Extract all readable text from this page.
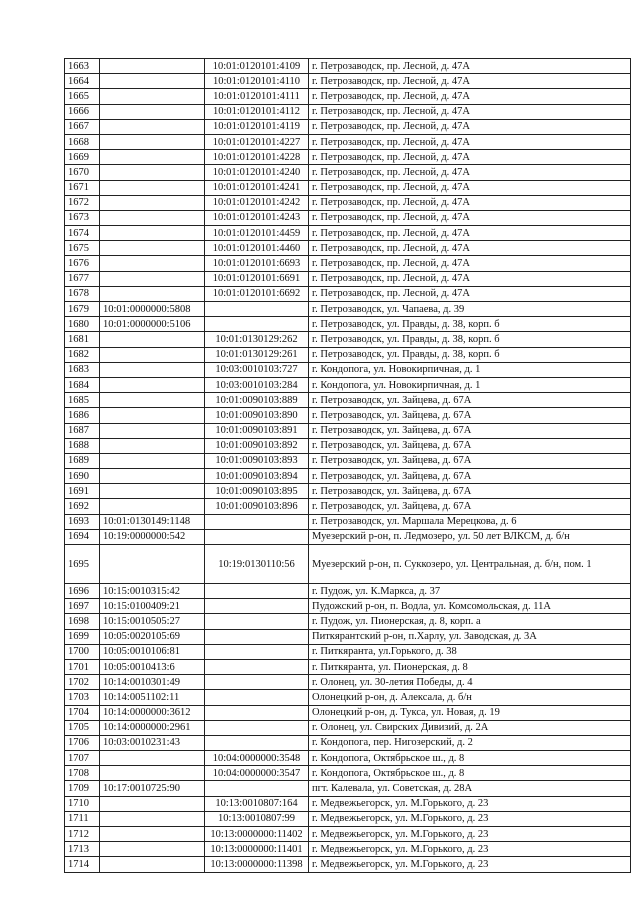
1663		10:01:0120101:4109	г. Петрозаводск, пр. Лесной, д. 47А
1664		10:01:0120101:4110	г. Петрозаводск, пр. Лесной, д. 47А
1665		10:01:0120101:4111	г. Петрозаводск, пр. Лесной, д. 47А
1666		10:01:0120101:4112	г. Петрозаводск, пр. Лесной, д. 47А
1667		10:01:0120101:4119	г. Петрозаводск, пр. Лесной, д. 47А
1668		10:01:0120101:4227	г. Петрозаводск, пр. Лесной, д. 47А
1669		10:01:0120101:4228	г. Петрозаводск, пр. Лесной, д. 47А
1670		10:01:0120101:4240	г. Петрозаводск, пр. Лесной, д. 47А
1671		10:01:0120101:4241	г. Петрозаводск, пр. Лесной, д. 47А
1672		10:01:0120101:4242	г. Петрозаводск, пр. Лесной, д. 47А
1673		10:01:0120101:4243	г. Петрозаводск, пр. Лесной, д. 47А
1674		10:01:0120101:4459	г. Петрозаводск, пр. Лесной, д. 47А
1675		10:01:0120101:4460	г. Петрозаводск, пр. Лесной, д. 47А
1676		10:01:0120101:6693	г. Петрозаводск, пр. Лесной, д. 47А
1677		10:01:0120101:6691	г. Петрозаводск, пр. Лесной, д. 47А
1678		10:01:0120101:6692	г. Петрозаводск, пр. Лесной, д. 47А
1679	10:01:0000000:5808		г. Петрозаводск, ул. Чапаева, д. 39
1680	10:01:0000000:5106		г. Петрозаводск, ул. Правды, д. 38, корп. б
1681		10:01:0130129:262	г. Петрозаводск, ул. Правды, д. 38, корп. б
1682		10:01:0130129:261	г. Петрозаводск, ул. Правды, д. 38, корп. б
1683		10:03:0010103:727	г. Кондопога, ул. Новокирпичная, д. 1
1684		10:03:0010103:284	г. Кондопога, ул. Новокирпичная, д. 1
1685		10:01:0090103:889	г. Петрозаводск, ул. Зайцева, д. 67А
1686		10:01:0090103:890	г. Петрозаводск, ул. Зайцева, д. 67А
1687		10:01:0090103:891	г. Петрозаводск, ул. Зайцева, д. 67А
1688		10:01:0090103:892	г. Петрозаводск, ул. Зайцева, д. 67А
1689		10:01:0090103:893	г. Петрозаводск, ул. Зайцева, д. 67А
1690		10:01:0090103:894	г. Петрозаводск, ул. Зайцева, д. 67А
1691		10:01:0090103:895	г. Петрозаводск, ул. Зайцева, д. 67А
1692		10:01:0090103:896	г. Петрозаводск, ул. Зайцева, д. 67А
1693	10:01:0130149:1148		г. Петрозаводск, ул. Маршала Мерецкова, д. 6
1694	10:19:0000000:542		Муезерский р-он, п. Ледмозеро, ул. 50 лет ВЛКСМ, д. б/н
1695		10:19:0130110:56	Муезерский р-он, п. Суккозеро, ул. Центральная, д. б/н, пом. 1
1696	10:15:0010315:42		г. Пудож, ул. К.Маркса, д. 37
1697	10:15:0100409:21		Пудожский р-он, п. Водла, ул. Комсомольская, д. 11А
1698	10:15:0010505:27		г. Пудож, ул. Пионерская, д. 8, корп. а
1699	10:05:0020105:69		Питкярантский р-он, п.Харлу, ул. Заводская, д. 3А
1700	10:05:0010106:81		г. Питкяранта, ул.Горького, д. 38
1701	10:05:0010413:6		г. Питкяранта, ул. Пионерская, д. 8
1702	10:14:0010301:49		г. Олонец, ул. 30-летия Победы, д. 4
1703	10:14:0051102:11		Олонецкий р-он, д. Алексала, д. б/н
1704	10:14:0000000:3612		Олонецкий р-он, д. Тукса, ул. Новая, д. 19
1705	10:14:0000000:2961		г. Олонец, ул. Свирских Дивизий, д. 2А
1706	10:03:0010231:43		г. Кондопога, пер. Нигозерский, д. 2
1707		10:04:0000000:3548	г. Кондопога, Октябрьское ш., д. 8
1708		10:04:0000000:3547	г. Кондопога, Октябрьское ш., д. 8
1709	10:17:0010725:90		пгт. Калевала, ул. Советская, д. 28А
1710		10:13:0010807:164	г. Медвежьегорск, ул. М.Горького, д. 23
1711		10:13:0010807:99	г. Медвежьегорск, ул. М.Горького, д. 23
1712		10:13:0000000:11402	г. Медвежьегорск, ул. М.Горького, д. 23
1713		10:13:0000000:11401	г. Медвежьегорск, ул. М.Горького, д. 23
1714		10:13:0000000:11398	г. Медвежьегорск, ул. М.Горького, д. 23
